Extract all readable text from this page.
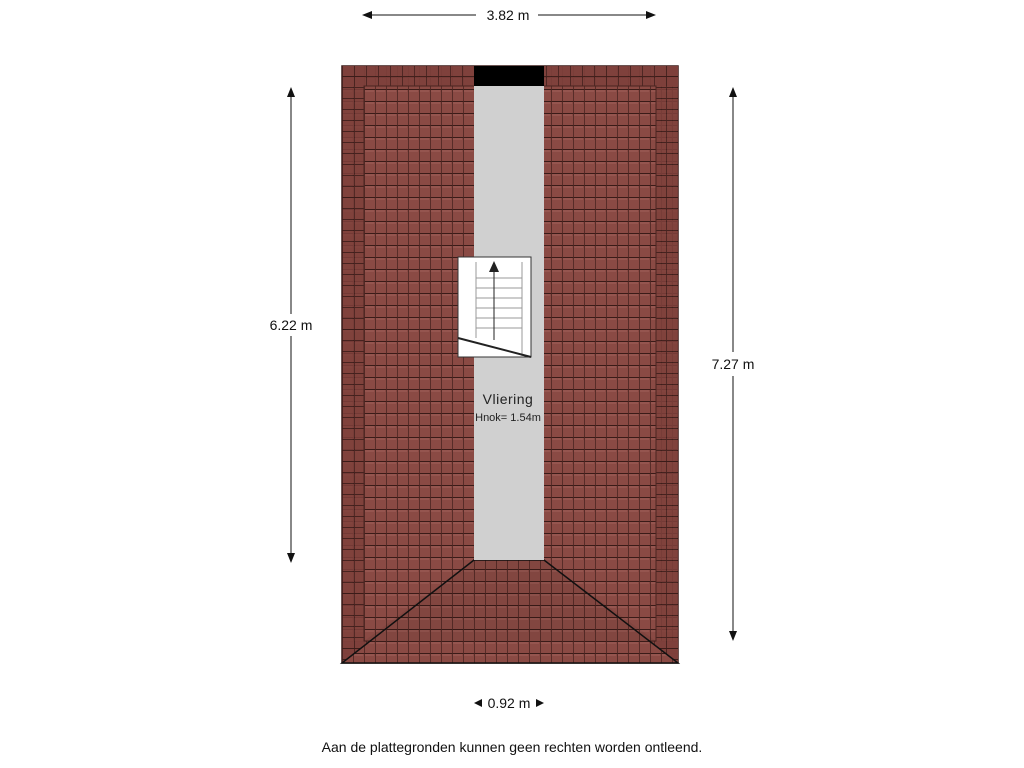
Vliering
Hnok= 1.54m
3.82 m
6.22 m
7.27 m
0.92 m
Aan de plattegronden kunnen geen rechten worden ontleend.
